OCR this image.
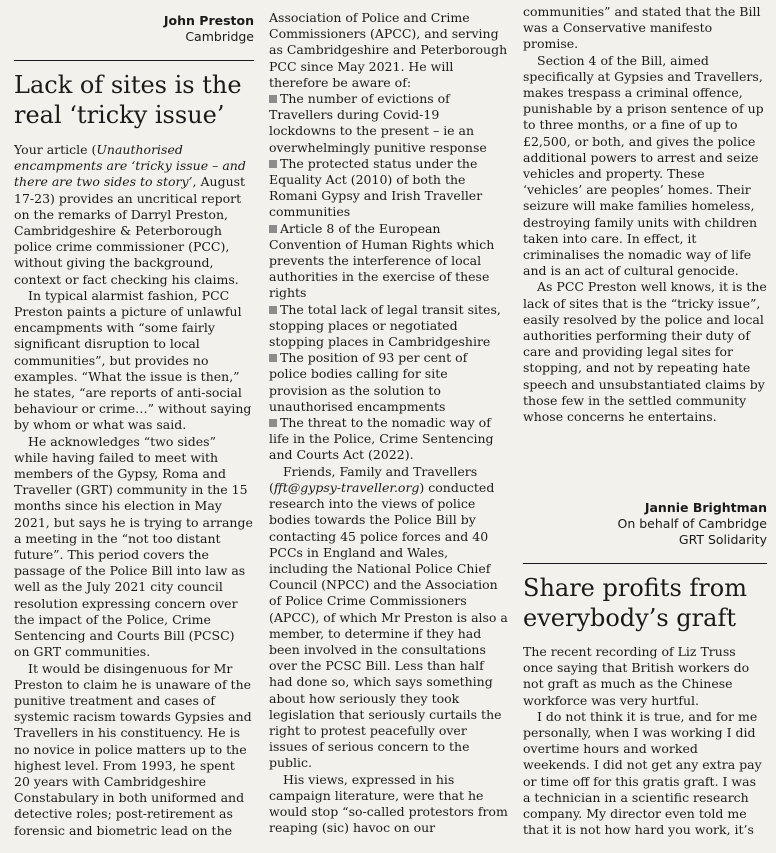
John Preston
Cambridge
Lack of sites is the
real ‘tricky issue’

Your article (Unauthorised encampments are ‘tricky issue – and there are two sides to story’, August 17-23) provides an uncritical report on the remarks of Darryl Preston, Cambridgeshire & Peterborough police crime commissioner (PCC), without giving the background, context or fact checking his claims.

In typical alarmist fashion, PCC Preston paints a picture of unlawful encampments with “some fairly significant disruption to local communities”, but provides no examples. “What the issue is then,” he states, “are reports of anti-social behaviour or crime…” without saying by whom or what was said.

He acknowledges “two sides” while having failed to meet with members of the Gypsy, Roma and Traveller (GRT) community in the 15 months since his election in May 2021, but says he is trying to arrange a meeting in the “not too distant future”. This period covers the passage of the Police Bill into law as well as the July 2021 city council resolution expressing concern over the impact of the Police, Crime Sentencing and Courts Bill (PCSC) on GRT communities.

It would be disingenuous for Mr Preston to claim he is unaware of the punitive treatment and cases of systemic racism towards Gypsies and Travellers in his constituency. He is no novice in police matters up to the highest level. From 1993, he spent 20 years with Cambridgeshire Constabulary in both uniformed and detective roles; post-retirement as forensic and biometric lead on the

Association of Police and Crime Commissioners (APCC), and serving as Cambridgeshire and Peterborough PCC since May 2021. He will therefore be aware of:

The number of evictions of Travellers during Covid-19 lockdowns to the present – ie an overwhelmingly punitive response
The protected status under the Equality Act (2010) of both the Romani Gypsy and Irish Traveller communities
Article 8 of the European Convention of Human Rights which prevents the interference of local authorities in the exercise of these rights
The total lack of legal transit sites, stopping places or negotiated stopping places in Cambridgeshire
The position of 93 per cent of police bodies calling for site provision as the solution to unauthorised encampments
The threat to the nomadic way of life in the Police, Crime Sentencing and Courts Act (2022).

Friends, Family and Travellers (fft@gypsy-traveller.org) conducted research into the views of police bodies towards the Police Bill by contacting 45 police forces and 40 PCCs in England and Wales, including the National Police Chief Council (NPCC) and the Association of Police Crime Commissioners (APCC), of which Mr Preston is also a member, to determine if they had been involved in the consultations over the PCSC Bill. Less than half had done so, which says something about how seriously they took legislation that seriously curtails the right to protest peacefully over issues of serious concern to the public.

His views, expressed in his campaign literature, were that he would stop “so-called protestors from reaping (sic) havoc on our

communities” and stated that the Bill was a Conservative manifesto promise.

Section 4 of the Bill, aimed specifically at Gypsies and Travellers, makes trespass a criminal offence, punishable by a prison sentence of up to three months, or a fine of up to £2,500, or both, and gives the police additional powers to arrest and seize vehicles and property. These ‘vehicles’ are peoples’ homes. Their seizure will make families homeless, destroying family units with children taken into care. In effect, it criminalises the nomadic way of life and is an act of cultural genocide.

As PCC Preston well knows, it is the lack of sites that is the “tricky issue”, easily resolved by the police and local authorities performing their duty of care and providing legal sites for stopping, and not by repeating hate speech and unsubstantiated claims by those few in the settled community whose concerns he entertains.

Jannie Brightman
On behalf of Cambridge
GRT Solidarity
Share profits from
everybody’s graft

The recent recording of Liz Truss once saying that British workers do not graft as much as the Chinese workforce was very hurtful.

I do not think it is true, and for me personally, when I was working I did overtime hours and worked weekends. I did not get any extra pay or time off for this gratis graft. I was a technician in a scientific research company. My director even told me that it is not how hard you work, it’s
